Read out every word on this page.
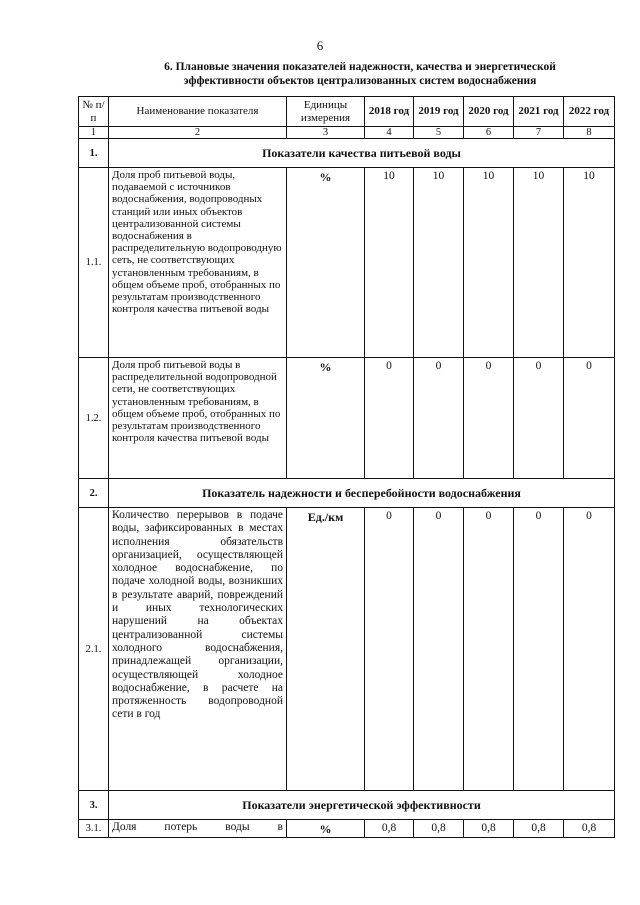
6
6. Плановые значения показателей надежности, качества и энергетической эффективности объектов централизованных систем водоснабжения
№ п/п	Наименование показателя	Единицы измерения	2018 год	2019 год	2020 год	2021 год	2022 год
1	2	3	4	5	6	7	8
1.	Показатели качества питьевой воды						
1.1.	Доля проб питьевой воды, подаваемой с источников водоснабжения, водопроводных станций или иных объектов централизованной системы водоснабжения в распределительную водопроводную сеть, не соответствующих установленным требованиям, в общем объеме проб, отобранных по результатам производственного контроля качества питьевой воды	%	10	10	10	10	10
1.2.	Доля проб питьевой воды в распределительной водопроводной сети, не соответствующих установленным требованиям, в общем объеме проб, отобранных по результатам производственного контроля качества питьевой воды	%	0	0	0	0	0
2.	Показатель надежности и бесперебойности водоснабжения						
2.1.	Количество перерывов в подаче воды, зафиксированных в местах исполнения обязательств организацией, осуществляющей холодное водоснабжение, по подаче холодной воды, возникших в результате аварий, повреждений и иных технологических нарушений на объектах централизованной системы холодного водоснабжения, принадлежащей организации, осуществляющей холодное водоснабжение, в расчете на протяженность водопроводной сети в год	Ед./км	0	0	0	0	0
3.	Показатели энергетической эффективности						
3.1.	Доля потерь воды в	%	0,8	0,8	0,8	0,8	0,8
